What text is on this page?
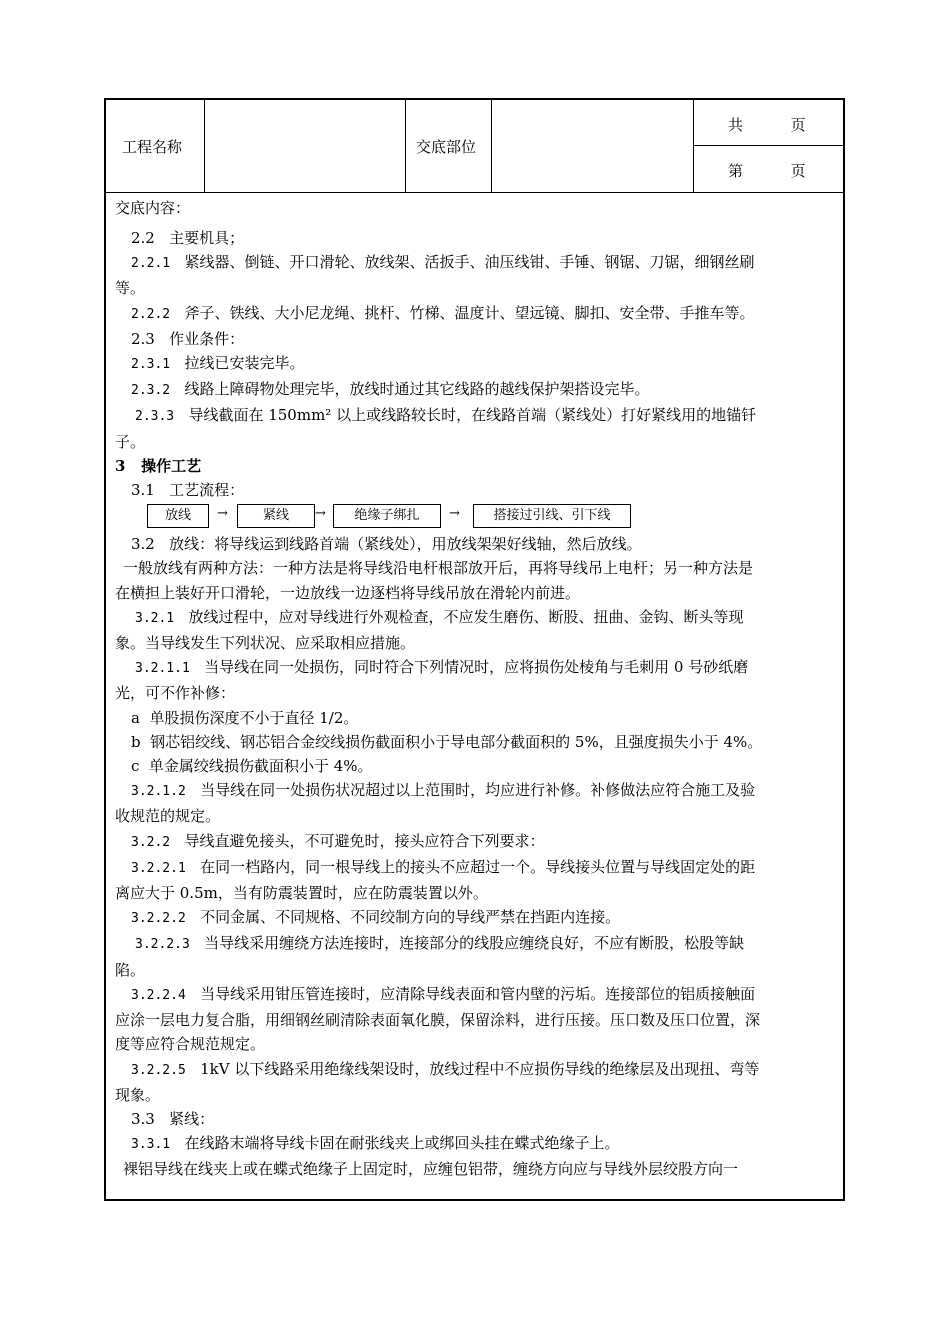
工程名称	交底部位
共          页
第          页

交底内容：

2.2   主要机具；

2.2.1 紧线器、倒链、开口滑轮、放线架、活扳手、油压线钳、手锤、钢锯、刀锯，细钢丝刷

等。

2.2.2 斧子、铁线、大小尼龙绳、挑杆、竹梯、温度计、望远镜、脚扣、安全带、手推车等。

2.3   作业条件：

2.3.1 拉线已安装完毕。

2.3.2 线路上障碍物处理完毕，放线时通过其它线路的越线保护架搭设完毕。

2.3.3 导线截面在 150mm² 以上或线路较长时，在线路首端（紧线处）打好紧线用的地锚钎

子。

3   操作工艺

3.1   工艺流程：

放线	→	紧线	→	绝缘子绑扎	→	搭接过引线、引下线

3.2   放线：将导线运到线路首端（紧线处），用放线架架好线轴，然后放线。

一般放线有两种方法：一种方法是将导线沿电杆根部放开后，再将导线吊上电杆；另一种方法是

在横担上装好开口滑轮，一边放线一边逐档将导线吊放在滑轮内前进。

3.2.1 放线过程中，应对导线进行外观检查，不应发生磨伤、断股、扭曲、金钩、断头等现

象。当导线发生下列状况、应采取相应措施。

3.2.1.1 当导线在同一处损伤，同时符合下列情况时，应将损伤处棱角与毛刺用 0 号砂纸磨

光，可不作补修：

a  单股损伤深度不小于直径 1/2。

b  钢芯铝绞线、钢芯铝合金绞线损伤截面积小于导电部分截面积的 5%，且强度损失小于 4%。

c  单金属绞线损伤截面积小于 4%。

3.2.1.2 当导线在同一处损伤状况超过以上范围时，均应进行补修。补修做法应符合施工及验

收规范的规定。

3.2.2 导线直避免接头，不可避免时，接头应符合下列要求：

3.2.2.1 在同一档路内，同一根导线上的接头不应超过一个。导线接头位置与导线固定处的距

离应大于 0.5m，当有防震装置时，应在防震装置以外。

3.2.2.2 不同金属、不同规格、不同绞制方向的导线严禁在挡距内连接。

3.2.2.3 当导线采用缠绕方法连接时，连接部分的线股应缠绕良好，不应有断股，松股等缺

陷。

3.2.2.4 当导线采用钳压管连接时，应清除导线表面和管内壁的污垢。连接部位的铝质接触面

应涂一层电力复合脂，用细钢丝刷清除表面氧化膜，保留涂料，进行压接。压口数及压口位置，深

度等应符合规范规定。

3.2.2.5 1kV 以下线路采用绝缘线架设时，放线过程中不应损伤导线的绝缘层及出现扭、弯等

现象。

3.3   紧线：

3.3.1 在线路末端将导线卡固在耐张线夹上或绑回头挂在蝶式绝缘子上。

裸铝导线在线夹上或在蝶式绝缘子上固定时，应缠包铝带，缠绕方向应与导线外层绞股方向一
